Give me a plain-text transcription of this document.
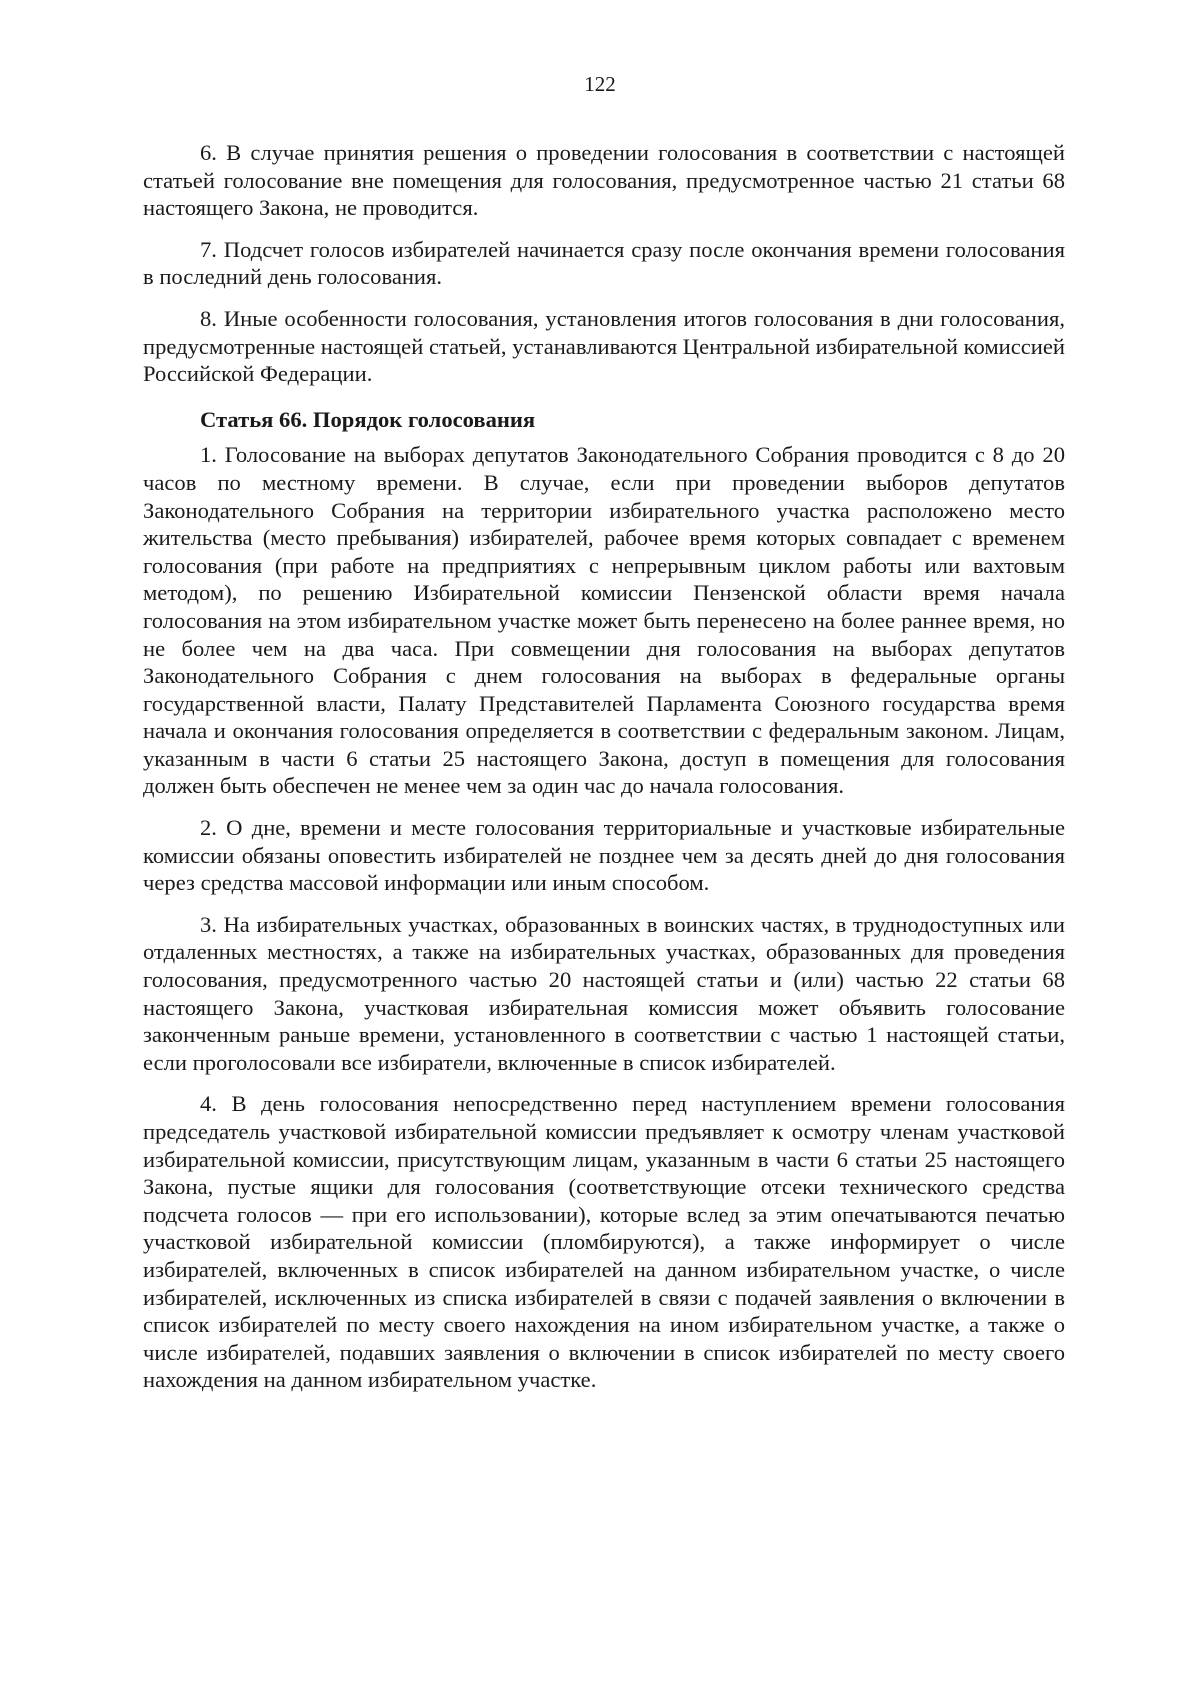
122

6. В случае принятия решения о проведении голосования в соответствии с настоящей статьей голосование вне помещения для голосования, предусмотренное частью 21 статьи 68 настоящего Закона, не проводится.

7. Подсчет голосов избирателей начинается сразу после окончания времени голосования в последний день голосования.

8. Иные особенности голосования, установления итогов голосования в дни голосования, предусмотренные настоящей статьей, устанавливаются Центральной избирательной комиссией Российской Федерации.

Статья 66. Порядок голосования

1. Голосование на выборах депутатов Законодательного Собрания проводится с 8 до 20 часов по местному времени. В случае, если при проведении выборов депутатов Законодательного Собрания на территории избирательного участка расположено место жительства (место пребывания) избирателей, рабочее время которых совпадает с временем голосования (при работе на предприятиях с непрерывным циклом работы или вахтовым методом), по решению Избирательной комиссии Пензенской области время начала голосования на этом избирательном участке может быть перенесено на более раннее время, но не более чем на два часа. При совмещении дня голосования на выборах депутатов Законодательного Собрания с днем голосования на выборах в федеральные органы государственной власти, Палату Представителей Парламента Союзного государства время начала и окончания голосования определяется в соответствии с федеральным законом. Лицам, указанным в части 6 статьи 25 настоящего Закона, доступ в помещения для голосования должен быть обеспечен не менее чем за один час до начала голосования.

2. О дне, времени и месте голосования территориальные и участковые избирательные комиссии обязаны оповестить избирателей не позднее чем за десять дней до дня голосования через средства массовой информации или иным способом.

3. На избирательных участках, образованных в воинских частях, в труднодоступных или отдаленных местностях, а также на избирательных участках, образованных для проведения голосования, предусмотренного частью 20 настоящей статьи и (или) частью 22 статьи 68 настоящего Закона, участковая избирательная комиссия может объявить голосование законченным раньше времени, установленного в соответствии с частью 1 настоящей статьи, если проголосовали все избиратели, включенные в список избирателей.

4. В день голосования непосредственно перед наступлением времени голосования председатель участковой избирательной комиссии предъявляет к осмотру членам участковой избирательной комиссии, присутствующим лицам, указанным в части 6 статьи 25 настоящего Закона, пустые ящики для голосования (соответствующие отсеки технического средства подсчета голосов — при его использовании), которые вслед за этим опечатываются печатью участковой избирательной комиссии (пломбируются), а также информирует о числе избирателей, включенных в список избирателей на данном избирательном участке, о числе избирателей, исключенных из списка избирателей в связи с подачей заявления о включении в список избирателей по месту своего нахождения на ином избирательном участке, а также о числе избирателей, подавших заявления о включении в список избирателей по месту своего нахождения на данном избирательном участке.
